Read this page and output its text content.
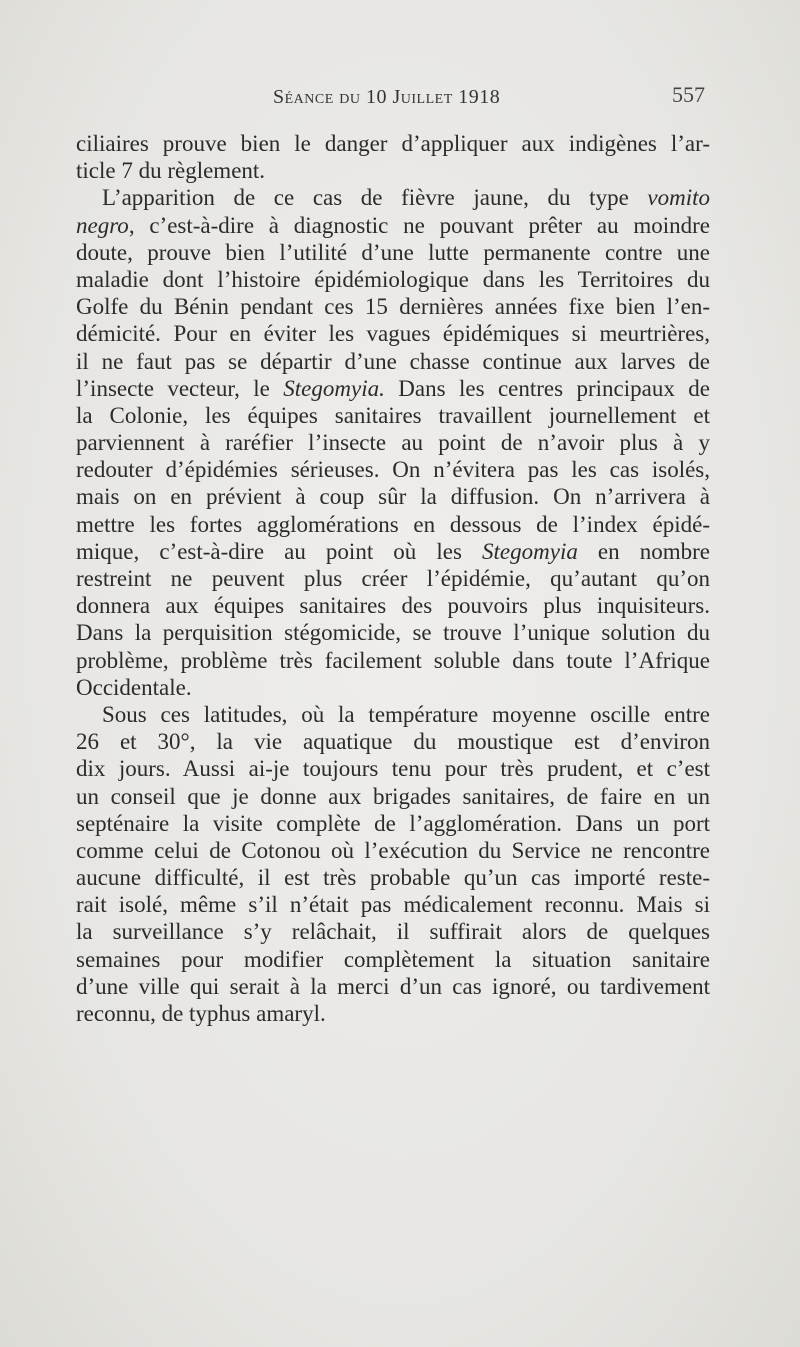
Séance du 10 Juillet 1918	557
ciliaires prouve bien le danger d’appliquer aux indigènes l’ar-
ticle 7 du règlement.
L’apparition de ce cas de fièvre jaune, du type vomito
negro, c’est-à-dire à diagnostic ne pouvant prêter au moindre
doute, prouve bien l’utilité d’une lutte permanente contre une
maladie dont l’histoire épidémiologique dans les Territoires du
Golfe du Bénin pendant ces 15 dernières années fixe bien l’en-
démicité. Pour en éviter les vagues épidémiques si meurtrières,
il ne faut pas se départir d’une chasse continue aux larves de
l’insecte vecteur, le Stegomyia. Dans les centres principaux de
la Colonie, les équipes sanitaires travaillent journellement et
parviennent à raréfier l’insecte au point de n’avoir plus à y
redouter d’épidémies sérieuses. On n’évitera pas les cas isolés,
mais on en prévient à coup sûr la diffusion. On n’arrivera à
mettre les fortes agglomérations en dessous de l’index épidé-
mique, c’est-à-dire au point où les Stegomyia en nombre
restreint ne peuvent plus créer l’épidémie, qu’autant qu’on
donnera aux équipes sanitaires des pouvoirs plus inquisiteurs.
Dans la perquisition stégomicide, se trouve l’unique solution du
problème, problème très facilement soluble dans toute l’Afrique
Occidentale.
Sous ces latitudes, où la température moyenne oscille entre
26 et 30°, la vie aquatique du moustique est d’environ
dix jours. Aussi ai-je toujours tenu pour très prudent, et c’est
un conseil que je donne aux brigades sanitaires, de faire en un
septénaire la visite complète de l’agglomération. Dans un port
comme celui de Cotonou où l’exécution du Service ne rencontre
aucune difficulté, il est très probable qu’un cas importé reste-
rait isolé, même s’il n’était pas médicalement reconnu. Mais si
la surveillance s’y relâchait, il suffirait alors de quelques
semaines pour modifier complètement la situation sanitaire
d’une ville qui serait à la merci d’un cas ignoré, ou tardivement
reconnu, de typhus amaryl.
